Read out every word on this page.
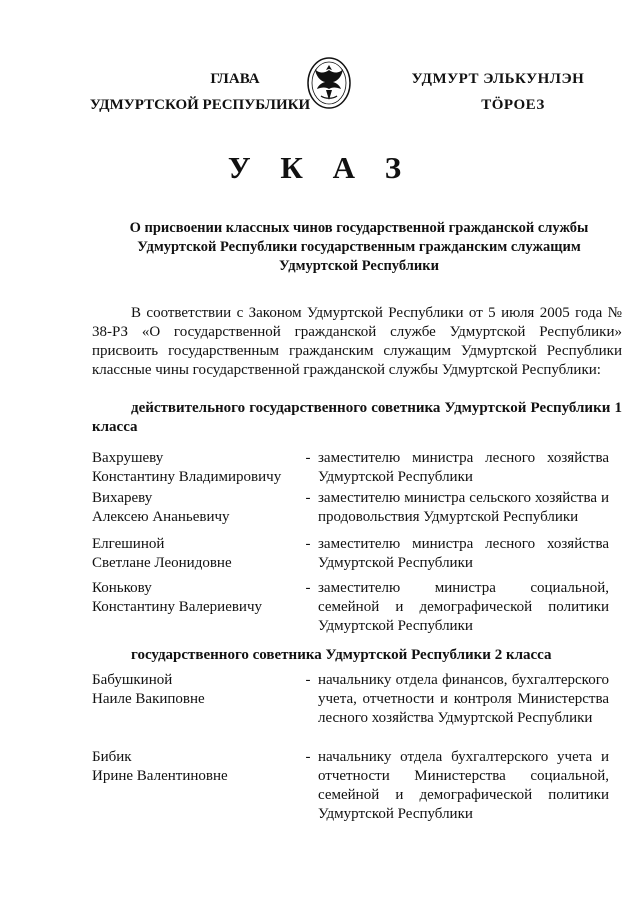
ГЛАВА
УДМУРТСКОЙ РЕСПУБЛИКИ
УДМУРТ ЭЛЬКУНЛЭН
ТӦРОЕЗ
У К А З
О присвоении классных чинов государственной гражданской службы Удмуртской Республики государственным гражданским служащим Удмуртской Республики

В соответствии с Законом Удмуртской Республики от 5 июля 2005 года № 38-РЗ «О государственной гражданской службе Удмуртской Республики» присвоить государственным гражданским служащим Удмуртской Республики классные чины государственной гражданской службы Удмуртской Республики:

действительного государственного советника Удмуртской Республики 1 класса
Вахрушеву
Константину Владимировичу
- заместителю министра лесного хозяйства Удмуртской Республики
Вихареву
Алексею Ананьевичу
- заместителю министра сельского хозяйства и продовольствия Удмуртской Республики
Елгешиной
Светлане Леонидовне
- заместителю министра лесного хозяйства Удмуртской Республики
Конькову
Константину Валериевичу
- заместителю министра социальной, семейной и демографической политики Удмуртской Республики
государственного советника Удмуртской Республики 2 класса
Бабушкиной
Наиле Вакиповне
- начальнику отдела финансов, бухгалтерского учета, отчетности и контроля Министерства лесного хозяйства Удмуртской Республики
Бибик
Ирине Валентиновне
- начальнику отдела бухгалтерского учета и отчетности Министерства социальной, семейной и демографической политики Удмуртской Республики
